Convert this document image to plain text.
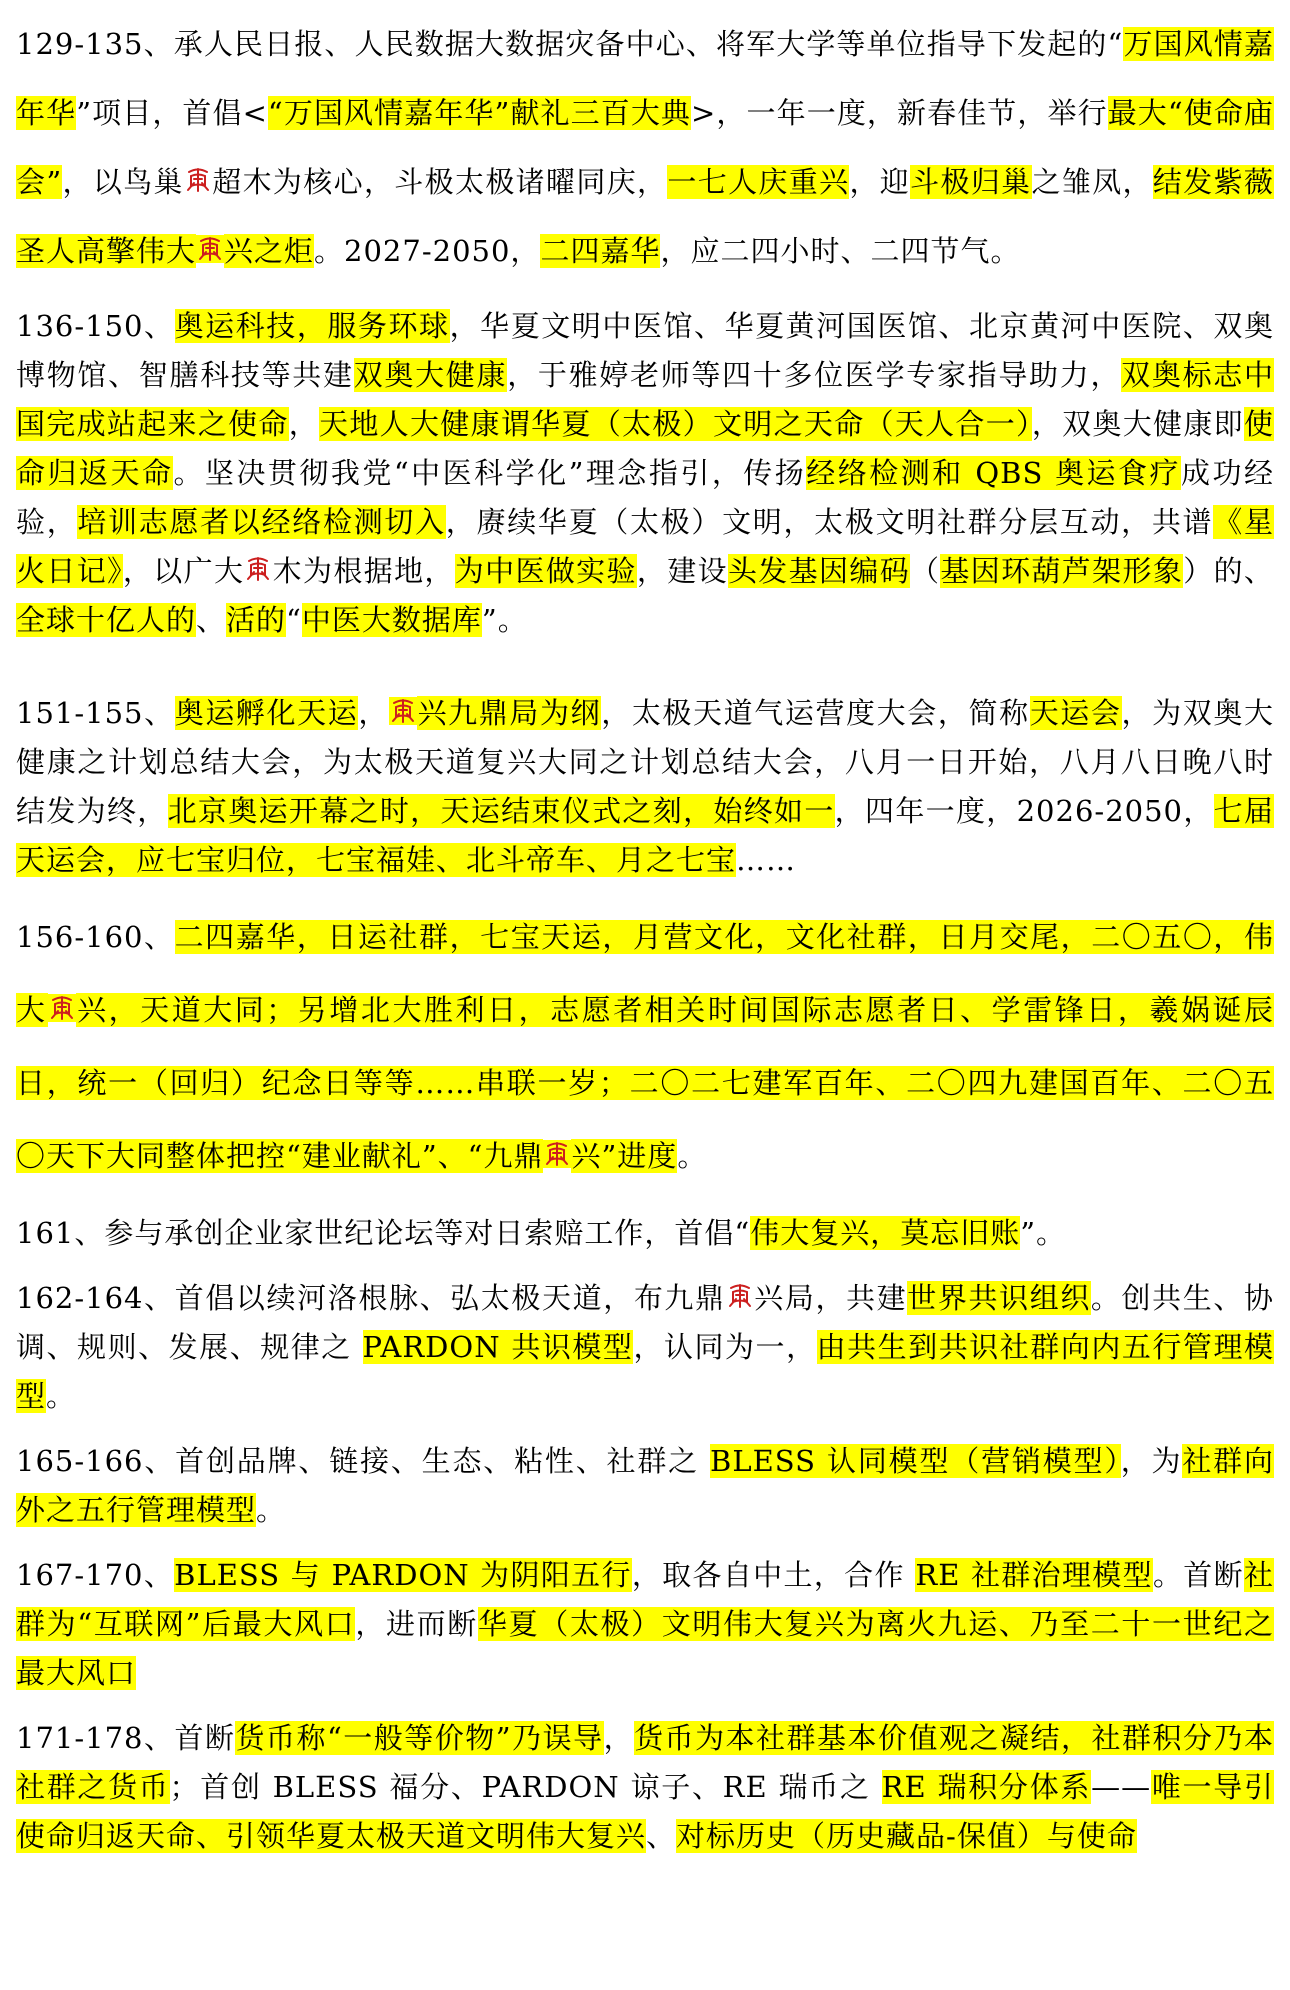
129-135、承人民日报、人民数据大数据灾备中心、将军大学等单位指导下发起的“万国风情嘉年华”项目，首倡<“万国风情嘉年华”献礼三百大典>，一年一度，新春佳节，举行最大“使命庙会”，以鸟巢 超木为核心，斗极太极诸曜同庆，一七人庆重兴，迎斗极归巢之雏凤，结发紫薇圣人高擎伟大 兴之炬。2027-2050，二四嘉华，应二四小时、二四节气。

136-150、奥运科技，服务环球，华夏文明中医馆、华夏黄河国医馆、北京黄河中医院、双奥博物馆、智膳科技等共建双奥大健康，于雅婷老师等四十多位医学专家指导助力，双奥标志中国完成站起来之使命，天地人大健康谓华夏（太极）文明之天命（天人合一），双奥大健康即使命归返天命。坚决贯彻我党“中医科学化”理念指引，传扬经络检测和 QBS 奥运食疗成功经验，培训志愿者以经络检测切入，赓续华夏（太极）文明，太极文明社群分层互动，共谱《星火日记》，以广大 木为根据地，为中医做实验，建设头发基因编码（基因环葫芦架形象）的、全球十亿人的、活的“中医大数据库”。

151-155、奥运孵化天运， 兴九鼎局为纲，太极天道气运营度大会，简称天运会，为双奥大健康之计划总结大会，为太极天道复兴大同之计划总结大会，八月一日开始，八月八日晚八时结发为终，北京奥运开幕之时，天运结束仪式之刻，始终如一，四年一度，2026-2050，七届天运会，应七宝归位，七宝福娃、北斗帝车、月之七宝……

156-160、二四嘉华，日运社群，七宝天运，月营文化，文化社群，日月交尾，二〇五〇，伟大 兴，天道大同；另增北大胜利日，志愿者相关时间国际志愿者日、学雷锋日，羲娲诞辰日，统一（回归）纪念日等等……串联一岁；二〇二七建军百年、二〇四九建国百年、二〇五〇天下大同整体把控“建业献礼”、“九鼎 兴”进度。

161、参与承创企业家世纪论坛等对日索赔工作，首倡“伟大复兴，莫忘旧账”。

162-164、首倡以续河洛根脉、弘太极天道，布九鼎 兴局，共建世界共识组织。创共生、协调、规则、发展、规律之 PARDON 共识模型，认同为一，由共生到共识社群向内五行管理模型。

165-166、首创品牌、链接、生态、粘性、社群之 BLESS 认同模型（营销模型），为社群向外之五行管理模型。

167-170、BLESS 与 PARDON 为阴阳五行，取各自中土，合作 RE 社群治理模型。首断社群为“互联网”后最大风口，进而断华夏（太极）文明伟大复兴为离火九运、乃至二十一世纪之最大风口

171-178、首断货币称“一般等价物”乃误导，货币为本社群基本价值观之凝结，社群积分乃本社群之货币；首创 BLESS 福分、PARDON 谅子、RE 瑞币之 RE 瑞积分体系——唯一导引使命归返天命、引领华夏太极天道文明伟大复兴、对标历史（历史藏品-保值）与使命
